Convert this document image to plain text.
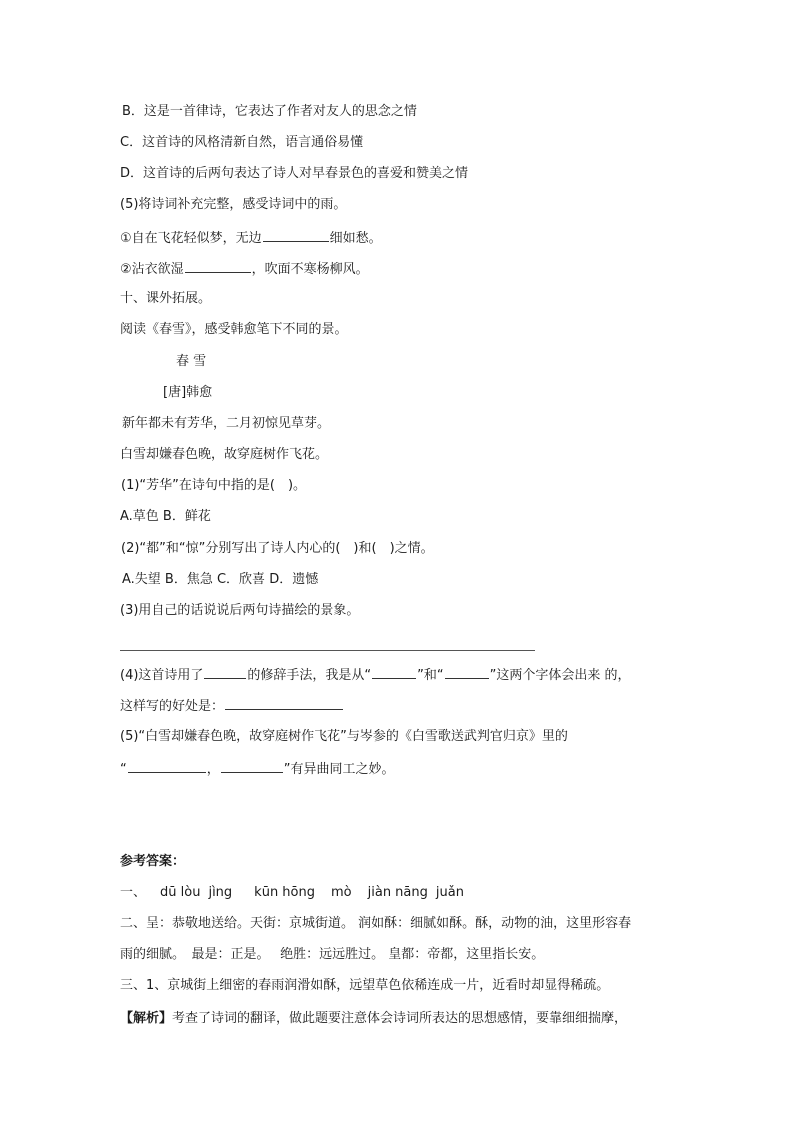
B．这是一首律诗，它表达了作者对友人的思念之情
C．这首诗的风格清新自然，语言通俗易懂
D．这首诗的后两句表达了诗人对早春景色的喜爱和赞美之情
(5)将诗词补充完整，感受诗词中的雨。
①自在飞花轻似梦，无边	细如愁。
②沾衣欲湿	，吹面不寒杨柳风。
十、课外拓展。
阅读《春雪》，感受韩愈笔下不同的景。
春 雪
[唐]韩愈
新年都未有芳华，二月初惊见草芽。
白雪却嫌春色晚，故穿庭树作飞花。
(1)“芳华”在诗句中指的是(　)。
A.草色 B．鲜花
(2)“都”和“惊”分别写出了诗人内心的(　)和(　)之情。
A.失望 B．焦急 C．欣喜 D．遗憾
(3)用自己的话说说后两句诗描绘的景象。
(4)这首诗用了	的修辞手法，我是从“	”和“	”这两个字体会出来 的，
这样写的好处是：
(5)“白雪却嫌春色晚，故穿庭树作飞花”与岑参的《白雪歌送武判官归京》里的
“	，	”有异曲同工之妙。
参考答案：
一、 dū lòu jìng kūn hōng mò jiàn nāng juǎn
二、呈：恭敬地送给。天街：京城街道。 润如酥：细腻如酥。酥，动物的油，这里形容春
雨的细腻。　最是：正是。　 绝胜：远远胜过。 皇都：帝都，这里指长安。
三、1、京城街上细密的春雨润滑如酥，远望草色依稀连成一片，近看时却显得稀疏。
【解析】考查了诗词的翻译，做此题要注意体会诗词所表达的思想感情，要靠细细揣摩，
